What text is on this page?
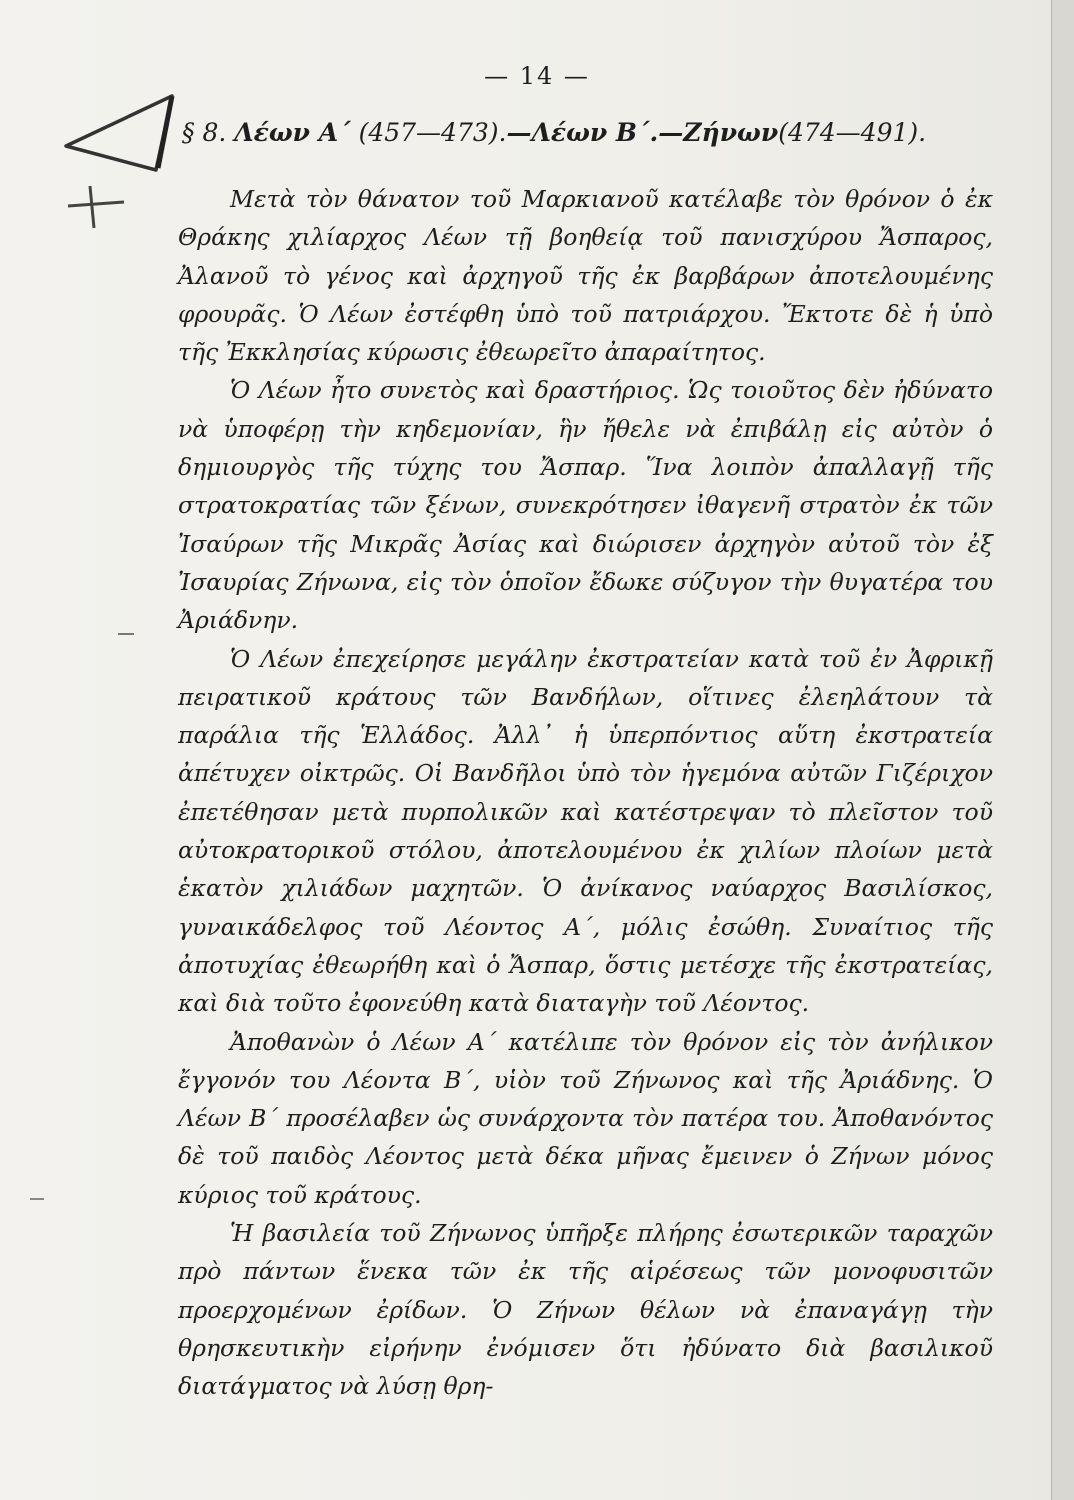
— 14 —
§ 8. Λέων Α΄ (457—473).—Λέων Β΄.—Ζήνων(474—491).

Μετὰ τὸν θάνατον τοῦ Μαρκιανοῦ κατέλαβε τὸν θρόνον ὁ ἐκ Θράκης χιλίαρχος Λέων τῇ βοηθείᾳ τοῦ πανισχύρου Ἄσπαρος, Ἀλανοῦ τὸ γένος καὶ ἀρχηγοῦ τῆς ἐκ βαρβάρων ἀποτελουμένης φρουρᾶς. Ὁ Λέων ἐστέφθη ὑπὸ τοῦ πατριάρχου. Ἔκτοτε δὲ ἡ ὑπὸ τῆς Ἐκκλησίας κύρωσις ἐθεωρεῖτο ἀπαραίτητος.

Ὁ Λέων ἦτο συνετὸς καὶ δραστήριος. Ὡς τοιοῦτος δὲν ἠδύνατο νὰ ὑποφέρῃ τὴν κηδεμονίαν, ἣν ἤθελε νὰ ἐπιβάλῃ εἰς αὐτὸν ὁ δημιουργὸς τῆς τύχης του Ἄσπαρ. Ἵνα λοιπὸν ἀπαλλαγῇ τῆς στρατοκρατίας τῶν ξένων, συνεκρότησεν ἰθαγενῆ στρατὸν ἐκ τῶν Ἰσαύρων τῆς Μικρᾶς Ἀσίας καὶ διώρισεν ἀρχηγὸν αὐτοῦ τὸν ἐξ Ἰσαυρίας Ζήνωνα, εἰς τὸν ὁποῖον ἔδωκε σύζυγον τὴν θυγατέρα του Ἀριάδνην.

Ὁ Λέων ἐπεχείρησε μεγάλην ἐκστρατείαν κατὰ τοῦ ἐν Ἀφρικῇ πειρατικοῦ κράτους τῶν Βανδήλων, οἵτινες ἐλεηλάτουν τὰ παράλια τῆς Ἑλλάδος. Ἀλλ᾽ ἡ ὑπερπόντιος αὕτη ἐκστρατεία ἀπέτυχεν οἰκτρῶς. Οἱ Βανδῆλοι ὑπὸ τὸν ἡγεμόνα αὐτῶν Γιζέριχον ἐπετέθησαν μετὰ πυρπολικῶν καὶ κατέστρεψαν τὸ πλεῖστον τοῦ αὐτοκρατορικοῦ στόλου, ἀποτελουμένου ἐκ χιλίων πλοίων μετὰ ἑκατὸν χιλιάδων μαχητῶν. Ὁ ἀνίκανος ναύαρχος Βασιλίσκος, γυναικάδελφος τοῦ Λέοντος Α΄, μόλις ἐσώθη. Συναίτιος τῆς ἀποτυχίας ἐθεωρήθη καὶ ὁ Ἄσπαρ, ὅστις μετέσχε τῆς ἐκστρατείας, καὶ διὰ τοῦτο ἐφονεύθη κατὰ διαταγὴν τοῦ Λέοντος.

Ἀποθανὼν ὁ Λέων Α΄ κατέλιπε τὸν θρόνον εἰς τὸν ἀνήλικον ἔγγονόν του Λέοντα Β΄, υἱὸν τοῦ Ζήνωνος καὶ τῆς Ἀριάδνης. Ὁ Λέων Β΄ προσέλαβεν ὡς συνάρχοντα τὸν πατέρα του. Ἀποθανόντος δὲ τοῦ παιδὸς Λέοντος μετὰ δέκα μῆνας ἔμεινεν ὁ Ζήνων μόνος κύριος τοῦ κράτους.

Ἡ βασιλεία τοῦ Ζήνωνος ὑπῆρξε πλήρης ἐσωτερικῶν ταραχῶν πρὸ πάντων ἕνεκα τῶν ἐκ τῆς αἱρέσεως τῶν μονοφυσιτῶν προερχομένων ἐρίδων. Ὁ Ζήνων θέλων νὰ ἐπαναγάγῃ τὴν θρησκευτικὴν εἰρήνην ἐνόμισεν ὅτι ἠδύνατο διὰ βασιλικοῦ διατάγματος νὰ λύσῃ θρη-
